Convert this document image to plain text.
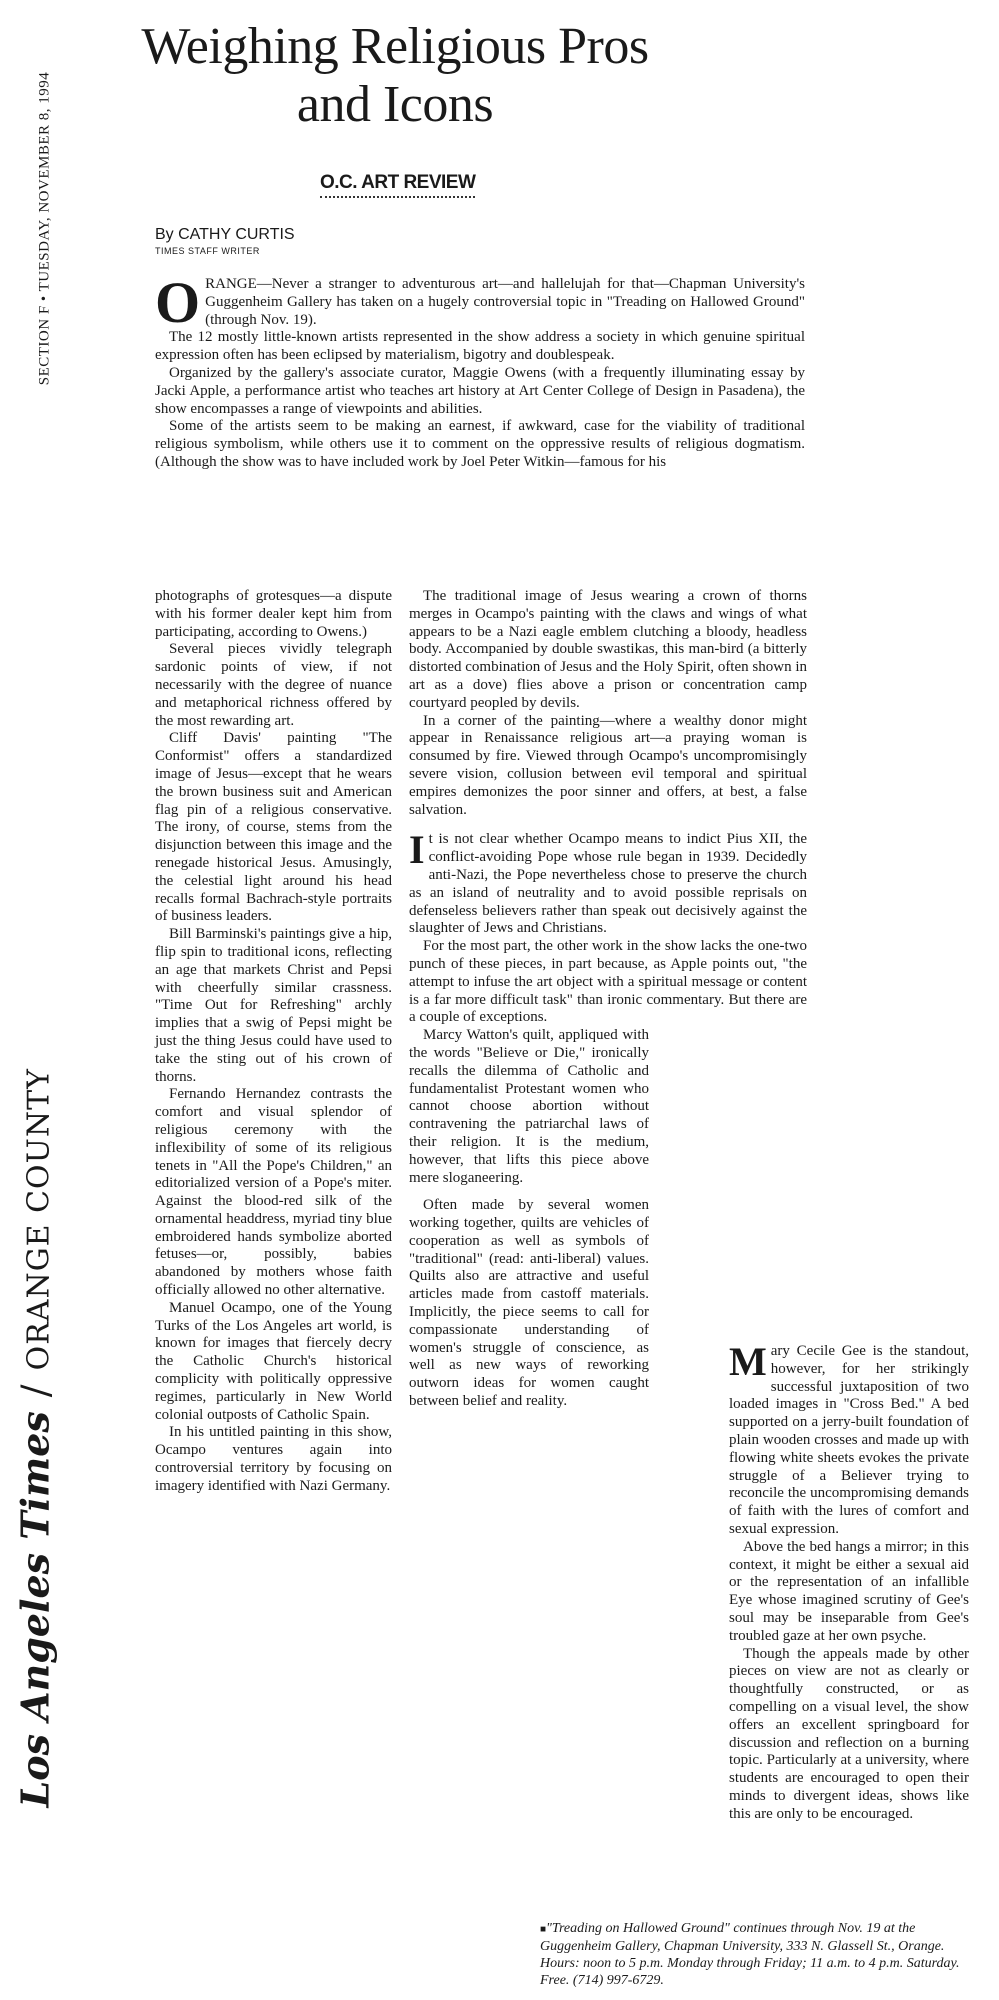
SECTION F • TUESDAY, NOVEMBER 8, 1994
Los Angeles Times/ORANGE COUNTY
Weighing Religious Pros and Icons
O.C. ART REVIEW
By CATHY CURTIS
TIMES STAFF WRITER

ORANGE—Never a stranger to adventurous art—and hallelujah for that—Chapman University's Guggenheim Gallery has taken on a hugely controversial topic in "Treading on Hallowed Ground" (through Nov. 19).

The 12 mostly little-known artists represented in the show address a society in which genuine spiritual expression often has been eclipsed by materialism, bigotry and doublespeak.

Organized by the gallery's associate curator, Maggie Owens (with a frequently illuminating essay by Jacki Apple, a performance artist who teaches art history at Art Center College of Design in Pasadena), the show encompasses a range of viewpoints and abilities.

Some of the artists seem to be making an earnest, if awkward, case for the viability of traditional religious symbolism, while others use it to comment on the oppressive results of religious dogmatism. (Although the show was to have included work by Joel Peter Witkin—famous for his

photographs of grotesques—a dispute with his former dealer kept him from participating, according to Owens.)

Several pieces vividly telegraph sardonic points of view, if not necessarily with the degree of nuance and metaphorical richness offered by the most rewarding art.

Cliff Davis' painting "The Conformist" offers a standardized image of Jesus—except that he wears the brown business suit and American flag pin of a religious conservative. The irony, of course, stems from the disjunction between this image and the renegade historical Jesus. Amusingly, the celestial light around his head recalls formal Bachrach-style portraits of business leaders.

Bill Barminski's paintings give a hip, flip spin to traditional icons, reflecting an age that markets Christ and Pepsi with cheerfully similar crassness. "Time Out for Refreshing" archly implies that a swig of Pepsi might be just the thing Jesus could have used to take the sting out of his crown of thorns.

Fernando Hernandez contrasts the comfort and visual splendor of religious ceremony with the inflexibility of some of its religious tenets in "All the Pope's Children," an editorialized version of a Pope's miter. Against the blood-red silk of the ornamental headdress, myriad tiny blue embroidered hands symbolize aborted fetuses—or, possibly, babies abandoned by mothers whose faith officially allowed no other alternative.

Manuel Ocampo, one of the Young Turks of the Los Angeles art world, is known for images that fiercely decry the Catholic Church's historical complicity with politically oppressive regimes, particularly in New World colonial outposts of Catholic Spain.

In his untitled painting in this show, Ocampo ventures again into controversial territory by focusing on imagery identified with Nazi Germany.

The traditional image of Jesus wearing a crown of thorns merges in Ocampo's painting with the claws and wings of what appears to be a Nazi eagle emblem clutching a bloody, headless body. Accompanied by double swastikas, this man-bird (a bitterly distorted combination of Jesus and the Holy Spirit, often shown in art as a dove) flies above a prison or concentration camp courtyard peopled by devils.

In a corner of the painting—where a wealthy donor might appear in Renaissance religious art—a praying woman is consumed by fire. Viewed through Ocampo's uncompromisingly severe vision, collusion between evil temporal and spiritual empires demonizes the poor sinner and offers, at best, a false salvation.

It is not clear whether Ocampo means to indict Pius XII, the conflict-avoiding Pope whose rule began in 1939. Decidedly anti-Nazi, the Pope nevertheless chose to preserve the church as an island of neutrality and to avoid possible reprisals on defenseless believers rather than speak out decisively against the slaughter of Jews and Christians.

For the most part, the other work in the show lacks the one-two punch of these pieces, in part because, as Apple points out, "the attempt to infuse the art object with a spiritual message or content is a far more difficult task" than ironic commentary. But there are a couple of exceptions.

Marcy Watton's quilt, appliqued with the words "Believe or Die," ironically recalls the dilemma of Catholic and fundamentalist Protestant women who cannot choose abortion without contravening the patriarchal laws of their religion. It is the medium, however, that lifts this piece above mere sloganeering.

Often made by several women working together, quilts are vehicles of cooperation as well as symbols of "traditional" (read: anti-liberal) values. Quilts also are attractive and useful articles made from castoff materials. Implicitly, the piece seems to call for compassionate understanding of women's struggle of conscience, as well as new ways of reworking outworn ideas for women caught between belief and reality.

Mary Cecile Gee is the standout, however, for her strikingly successful juxtaposition of two loaded images in "Cross Bed." A bed supported on a jerry-built foundation of plain wooden crosses and made up with flowing white sheets evokes the private struggle of a Believer trying to reconcile the uncompromising demands of faith with the lures of comfort and sexual expression.

Above the bed hangs a mirror; in this context, it might be either a sexual aid or the representation of an infallible Eye whose imagined scrutiny of Gee's soul may be inseparable from Gee's troubled gaze at her own psyche.

Though the appeals made by other pieces on view are not as clearly or thoughtfully constructed, or as compelling on a visual level, the show offers an excellent springboard for discussion and reflection on a burning topic. Particularly at a university, where students are encouraged to open their minds to divergent ideas, shows like this are only to be encouraged.

■"Treading on Hallowed Ground" continues through Nov. 19 at the Guggenheim Gallery, Chapman University, 333 N. Glassell St., Orange. Hours: noon to 5 p.m. Monday through Friday; 11 a.m. to 4 p.m. Saturday. Free. (714) 997-6729.
